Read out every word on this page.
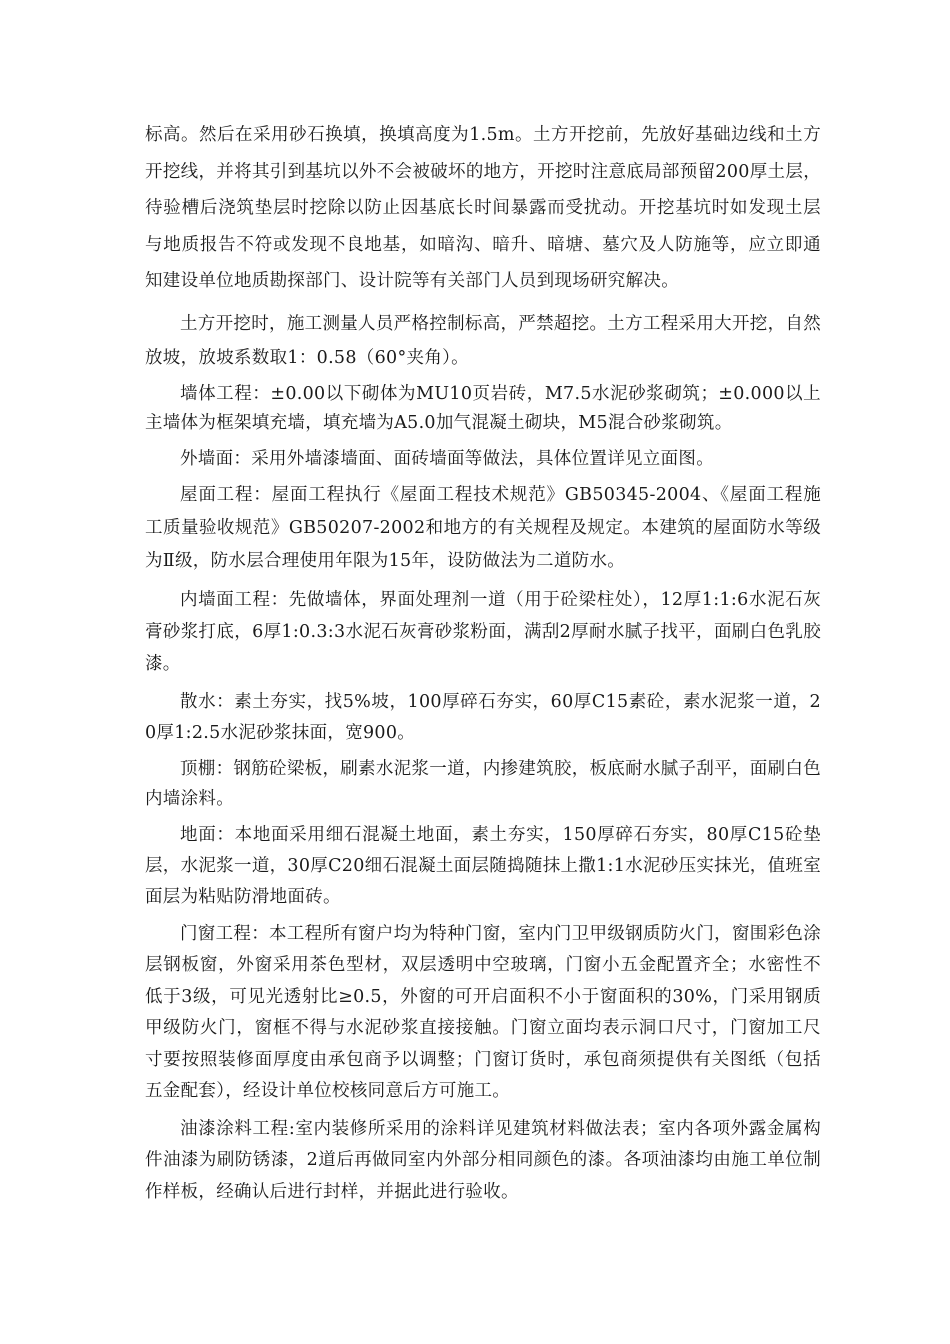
标高。然后在采用砂石换填，换填高度为1.5m。土方开挖前，先放好基础边线和土方开挖线，并将其引到基坑以外不会被破坏的地方，开挖时注意底局部预留200厚土层，待验槽后浇筑垫层时挖除以防止因基底长时间暴露而受扰动。开挖基坑时如发现土层与地质报告不符或发现不良地基，如暗沟、暗升、暗塘、墓穴及人防施等，应立即通知建设单位地质勘探部门、设计院等有关部门人员到现场研究解决。

土方开挖时，施工测量人员严格控制标高，严禁超挖。土方工程采用大开挖，自然放坡，放坡系数取1：0.58（60°夹角）。

墙体工程：±0.00以下砌体为MU10页岩砖，M7.5水泥砂浆砌筑；±0.000以上主墙体为框架填充墙，填充墙为A5.0加气混凝土砌块，M5混合砂浆砌筑。

外墙面：采用外墙漆墙面、面砖墙面等做法，具体位置详见立面图。

屋面工程：屋面工程执行《屋面工程技术规范》GB50345-2004、《屋面工程施工质量验收规范》GB50207-2002和地方的有关规程及规定。本建筑的屋面防水等级为Ⅱ级，防水层合理使用年限为15年，设防做法为二道防水。

内墙面工程：先做墙体，界面处理剂一道（用于砼梁柱处），12厚1:1:6水泥石灰膏砂浆打底，6厚1:0.3:3水泥石灰膏砂浆粉面，满刮2厚耐水腻子找平，面刷白色乳胶漆。

散水：素土夯实，找5%坡，100厚碎石夯实，60厚C15素砼，素水泥浆一道，20厚1:2.5水泥砂浆抹面，宽900。

顶棚：钢筋砼梁板，刷素水泥浆一道，内掺建筑胶，板底耐水腻子刮平，面刷白色内墙涂料。

地面：本地面采用细石混凝土地面，素土夯实，150厚碎石夯实，80厚C15砼垫层，水泥浆一道，30厚C20细石混凝土面层随捣随抹上撒1:1水泥砂压实抹光，值班室面层为粘贴防滑地面砖。

门窗工程：本工程所有窗户均为特种门窗，室内门卫甲级钢质防火门，窗围彩色涂层钢板窗，外窗采用茶色型材，双层透明中空玻璃，门窗小五金配置齐全；水密性不低于3级，可见光透射比≥0.5，外窗的可开启面积不小于窗面积的30%，门采用钢质甲级防火门，窗框不得与水泥砂浆直接接触。门窗立面均表示洞口尺寸，门窗加工尺寸要按照装修面厚度由承包商予以调整；门窗订货时，承包商须提供有关图纸（包括五金配套），经设计单位校核同意后方可施工。

油漆涂料工程:室内装修所采用的涂料详见建筑材料做法表；室内各项外露金属构件油漆为刷防锈漆，2道后再做同室内外部分相同颜色的漆。各项油漆均由施工单位制作样板，经确认后进行封样，并据此进行验收。
